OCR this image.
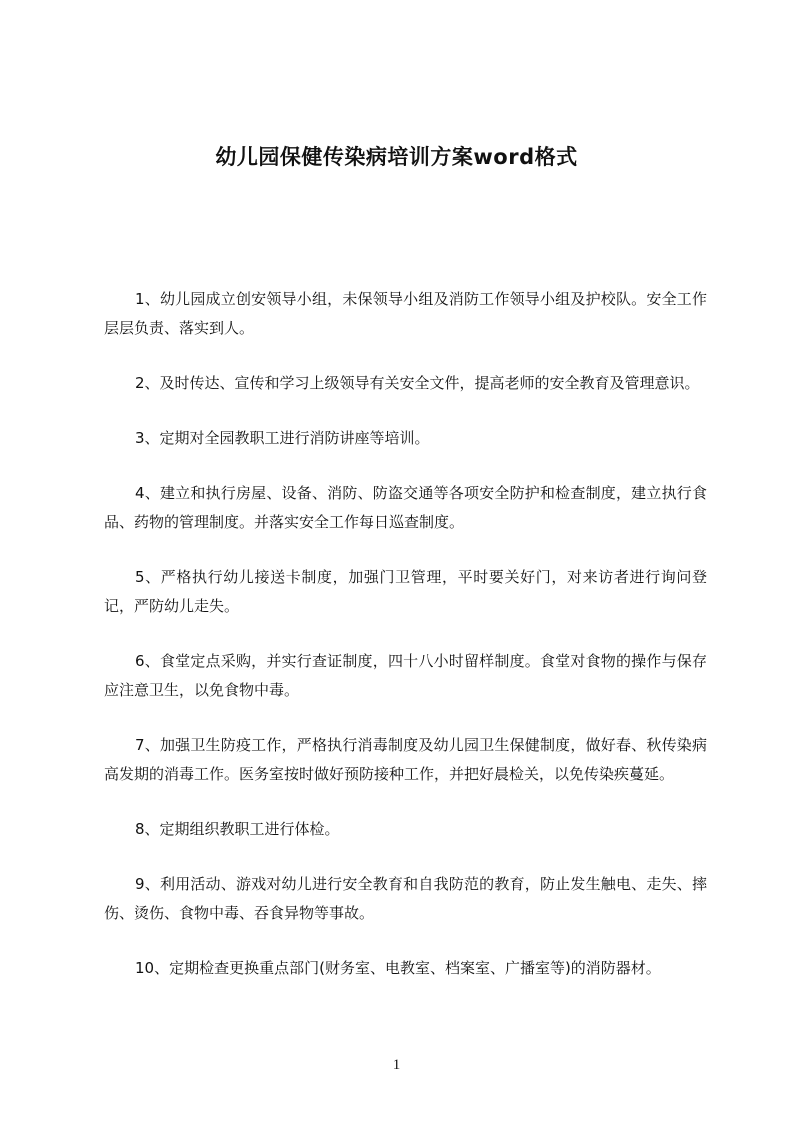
幼儿园保健传染病培训方案word格式

1、幼儿园成立创安领导小组，未保领导小组及消防工作领导小组及护校队。安全工作层层负责、落实到人。

2、及时传达、宣传和学习上级领导有关安全文件，提高老师的安全教育及管理意识。

3、定期对全园教职工进行消防讲座等培训。

4、建立和执行房屋、设备、消防、防盗交通等各项安全防护和检查制度，建立执行食品、药物的管理制度。并落实安全工作每日巡查制度。

5、严格执行幼儿接送卡制度，加强门卫管理，平时要关好门，对来访者进行询问登记，严防幼儿走失。

6、食堂定点采购，并实行查证制度，四十八小时留样制度。食堂对食物的操作与保存应注意卫生，以免食物中毒。

7、加强卫生防疫工作，严格执行消毒制度及幼儿园卫生保健制度，做好春、秋传染病高发期的消毒工作。医务室按时做好预防接种工作，并把好晨检关，以免传染疾蔓延。

8、定期组织教职工进行体检。

9、利用活动、游戏对幼儿进行安全教育和自我防范的教育，防止发生触电、走失、摔伤、烫伤、食物中毒、吞食异物等事故。

10、定期检查更换重点部门(财务室、电教室、档案室、广播室等)的消防器材。

1
